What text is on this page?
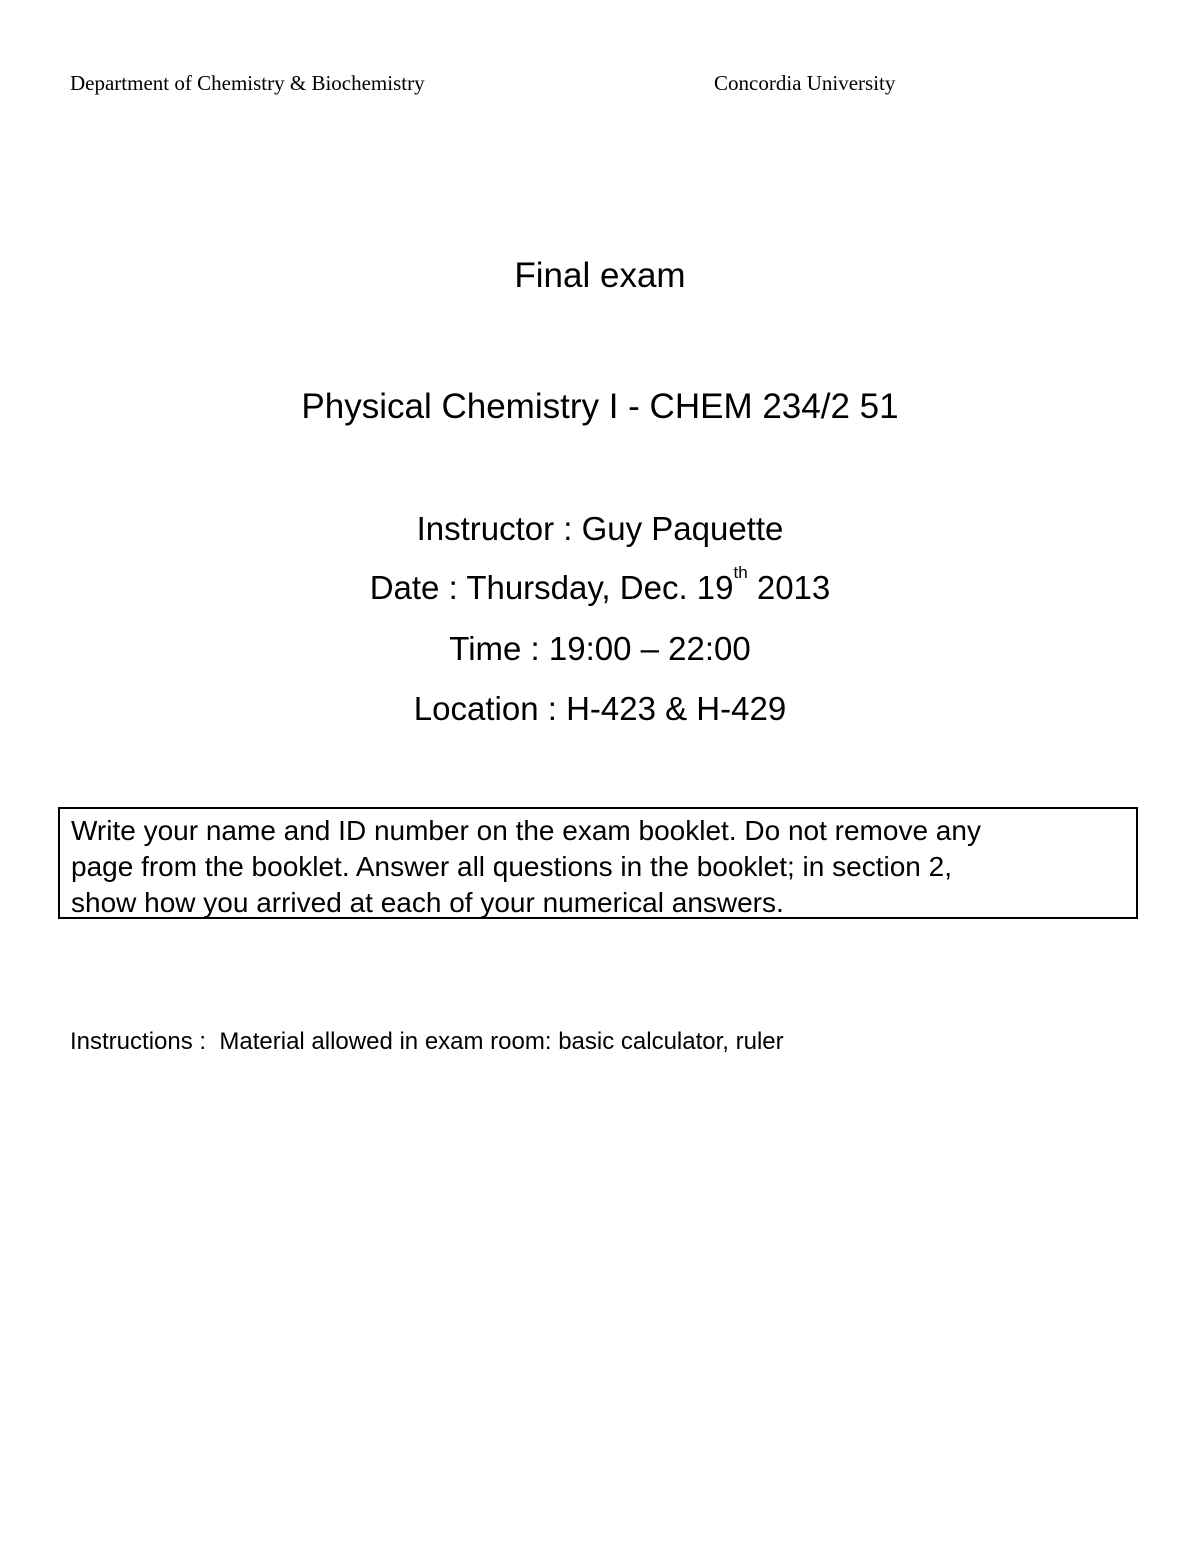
Department of Chemistry & Biochemistry	Concordia University
Final exam
Physical Chemistry I - CHEM 234/2 51
Instructor : Guy Paquette
Date : Thursday, Dec. 19th 2013
Time : 19:00 – 22:00
Location : H-423 & H-429
Write your name and ID number on the exam booklet. Do not remove any
page from the booklet. Answer all questions in the booklet; in section 2,
show how you arrived at each of your numerical answers.
Instructions :  Material allowed in exam room: basic calculator, ruler
